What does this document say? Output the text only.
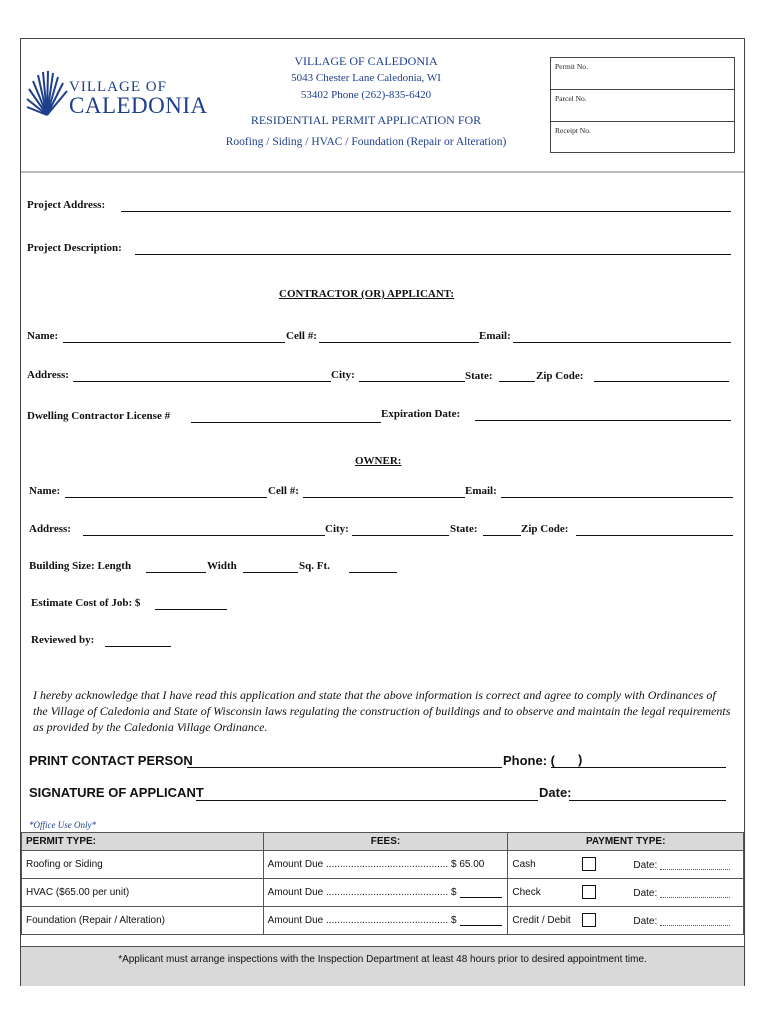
VILLAGE OF
CALEDONIA
VILLAGE OF CALEDONIA
5043 Chester Lane Caledonia, WI
53402 Phone (262)-835-6420
RESIDENTIAL PERMIT APPLICATION FOR
Roofing / Siding / HVAC / Foundation (Repair or Alteration)
Permit No.
Parcel No.
Receipt No.
Project Address:
Project Description:
CONTRACTOR (OR) APPLICANT:
Name:	Cell #:	Email:
Address:	City:	State:	Zip Code:
Dwelling Contractor License #	Expiration Date:
OWNER:
Name:	Cell #:	Email:
Address:	City:	State:	Zip Code:
Building Size: Length	Width	Sq. Ft.
Estimate Cost of Job: $
Reviewed by:
I hereby acknowledge that I have read this application and state that the above information is correct and agree to comply with Ordinances of the Village of Caledonia and State of Wisconsin laws regulating the construction of buildings and to observe and maintain the legal requirements as provided by the Caledonia Village Ordinance.
PRINT CONTACT PERSON	Phone: ( )
SIGNATURE OF APPLICANT	Date:
*Office Use Only*
PERMIT TYPE:	FEES:	PAYMENT TYPE:
Roofing or Siding	Amount Due ............................................ $ 65.00	Cash Date:

HVAC ($65.00 per unit)	Amount Due ............................................ $	Check Date:

Foundation (Repair / Alteration)	Amount Due ............................................ $	Credit / Debit Date:
*Applicant must arrange inspections with the Inspection Department at least 48 hours prior to desired appointment time.
